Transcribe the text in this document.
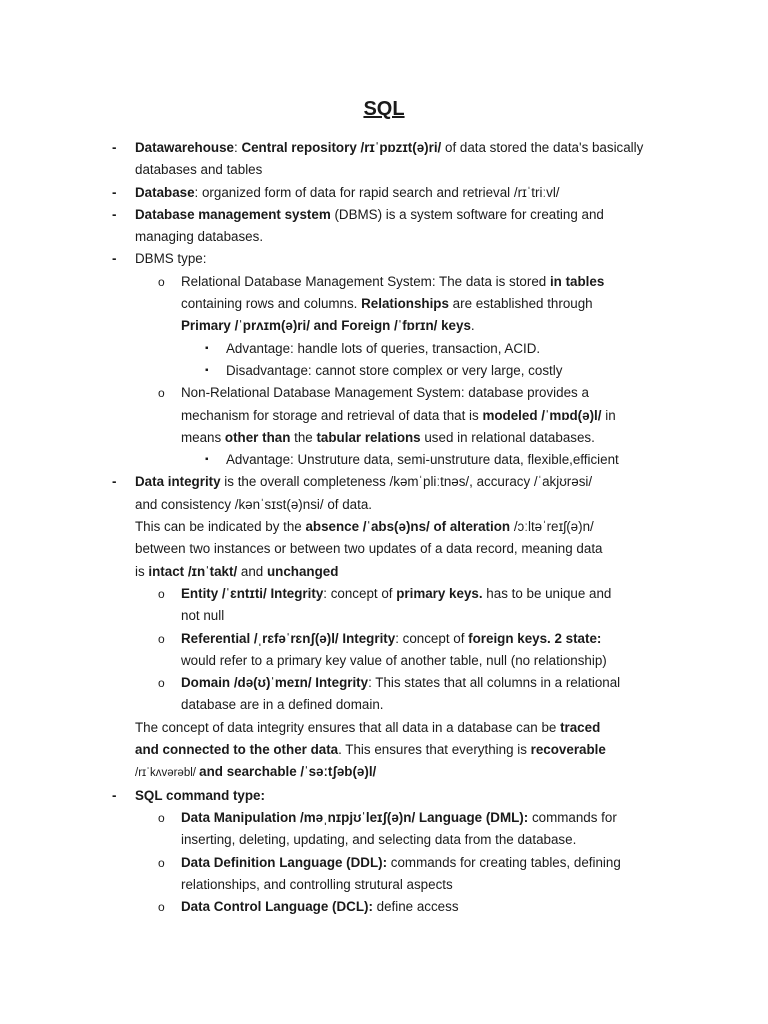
SQL
- Datawarehouse: Central repository /rɪˈpɒzɪt(ə)ri/ of data stored the data's basically
databases and tables
- Database: organized form of data for rapid search and retrieval /rɪˈtriːvl/
- Database management system (DBMS) is a system software for creating and
managing databases.
- DBMS type:
o Relational Database Management System: The data is stored in tables
containing rows and columns. Relationships are established through
Primary /ˈprʌɪm(ə)ri/ and Foreign /ˈfɒrɪn/ keys.
▪ Advantage: handle lots of queries, transaction, ACID.
▪ Disadvantage: cannot store complex or very large, costly
o Non-Relational Database Management System: database provides a
mechanism for storage and retrieval of data that is modeled /ˈmɒd(ə)l/ in
means other than the tabular relations used in relational databases.
▪ Advantage: Unstruture data, semi-unstruture data, flexible,efficient
- Data integrity is the overall completeness /kəmˈpliːtnəs/, accuracy /ˈakjʊrəsi/
and consistency /kənˈsɪst(ə)nsi/ of data.
This can be indicated by the absence /ˈabs(ə)ns/ of alteration /ɔːltəˈreɪʃ(ə)n/
between two instances or between two updates of a data record, meaning data
is intact /ɪnˈtakt/ and unchanged
o Entity /ˈɛntɪti/ Integrity: concept of primary keys. has to be unique and
not null
o Referential /ˌrɛfəˈrɛnʃ(ə)l/ Integrity: concept of foreign keys. 2 state:
would refer to a primary key value of another table, null (no relationship)
o Domain /də(ʊ)ˈmeɪn/ Integrity: This states that all columns in a relational
database are in a defined domain.
The concept of data integrity ensures that all data in a database can be traced
and connected to the other data. This ensures that everything is recoverable
/rɪˈkʌvərəbl/ and searchable /ˈsəːtʃəb(ə)l/
- SQL command type:
o Data Manipulation /məˌnɪpjʊˈleɪʃ(ə)n/ Language (DML): commands for
inserting, deleting, updating, and selecting data from the database.
o Data Definition Language (DDL): commands for creating tables, defining
relationships, and controlling strutural aspects
o Data Control Language (DCL): define access
